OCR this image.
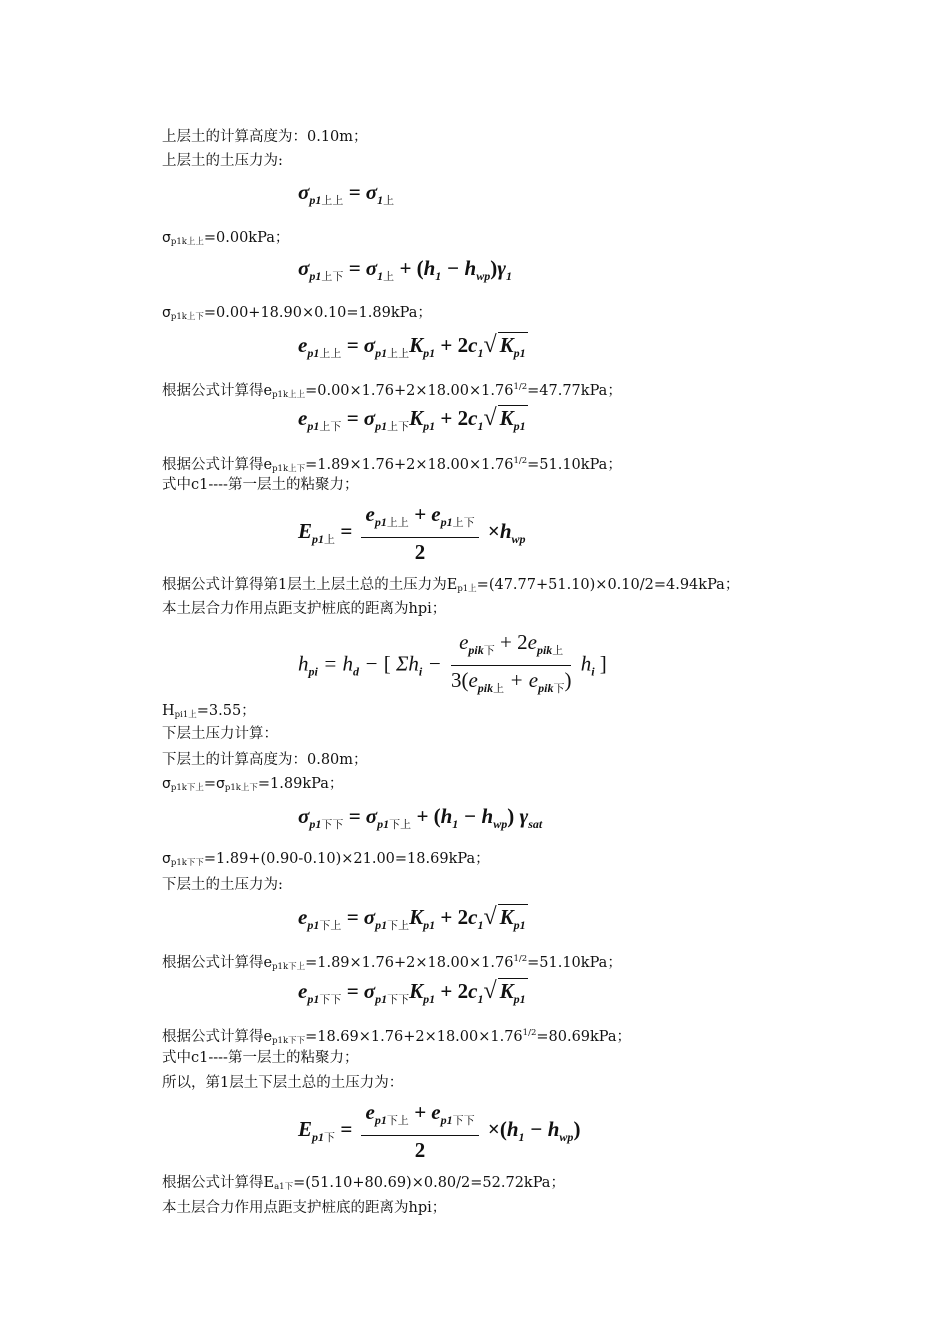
上层土的计算高度为：0.10m；
上层土的土压力为:
$\sigma_{p1上上} = \sigma_{1上}$
$\sigma_{p1k上上}=0.00kPa$；
$\sigma_{p1上下} = \sigma_{1上} + (h_1 - h_{wp})\gamma_1$
$\sigma_{p1k上下}=0.00+18.90\times 0.10=1.89kPa$；
$e_{p1上上} = \sigma_{p1上上}K_{p1} + 2c_1√$ $K_{p1}$
根据公式计算得$e_{p1k上上}=0.00\times 1.76+2\times 18.00\times 1.76^{1/2}=47.77kPa$；
$e_{p1上下} = \sigma_{p1上下}K_{p1} + 2c_1√$ $K_{p1}$
根据公式计算得$e_{p1k上下}=1.89\times 1.76+2\times 18.00\times 1.76^{1/2}=51.10kPa$；
式中c1----第一层土的粘聚力；
$E_{p1上} = \frac{e_{p1上上} + e_{p1上下}}{2} \times h_{wp}$
根据公式计算得第1层土上层土总的土压力为$E_{p1上}=(47.77+51.10)\times 0.10/2=4.94kPa$；
本土层合力作用点距支护桩底的距离为hpi；
$h_{pi} = h_d$ − [ $\Sigma h_i - \frac{e_{pik下} + 2e_{pik上}}{3(e_{pik上} + e_{pik下})} h_i$ ]
$H_{pi1上}=3.55$；
下层土压力计算：
下层土的计算高度为：0.80m；
$\sigma_{p1k下上}=\sigma_{p1k上下}=1.89kPa$；
$\sigma_{p1下下} = \sigma_{p1下上} + (h_1 - h_{wp})$ $\gamma_{sat}$
$\sigma_{p1k下下}=1.89+(0.90-0.10)\times 21.00=18.69kPa$；
下层土的土压力为:
$e_{p1下上} = \sigma_{p1下上}K_{p1} + 2c_1√$ $K_{p1}$
根据公式计算得$e_{p1k下上}=1.89\times 1.76+2\times 18.00\times 1.76^{1/2}=51.10kPa$；
$e_{p1下下} = \sigma_{p1下下}K_{p1} + 2c_1√$ $K_{p1}$
根据公式计算得$e_{p1k下下}=18.69\times 1.76+2\times 18.00\times 1.76^{1/2}=80.69kPa$；
式中c1----第一层土的粘聚力；
所以，第1层土下层土总的土压力为：
$E_{p1下} = \frac{e_{p1下上} + e_{p1下下}}{2} \times(h_1 - h_{wp})$
根据公式计算得$E_{a1下}=(51.10+80.69)\times 0.80/2=52.72kPa$；
本土层合力作用点距支护桩底的距离为hpi；
